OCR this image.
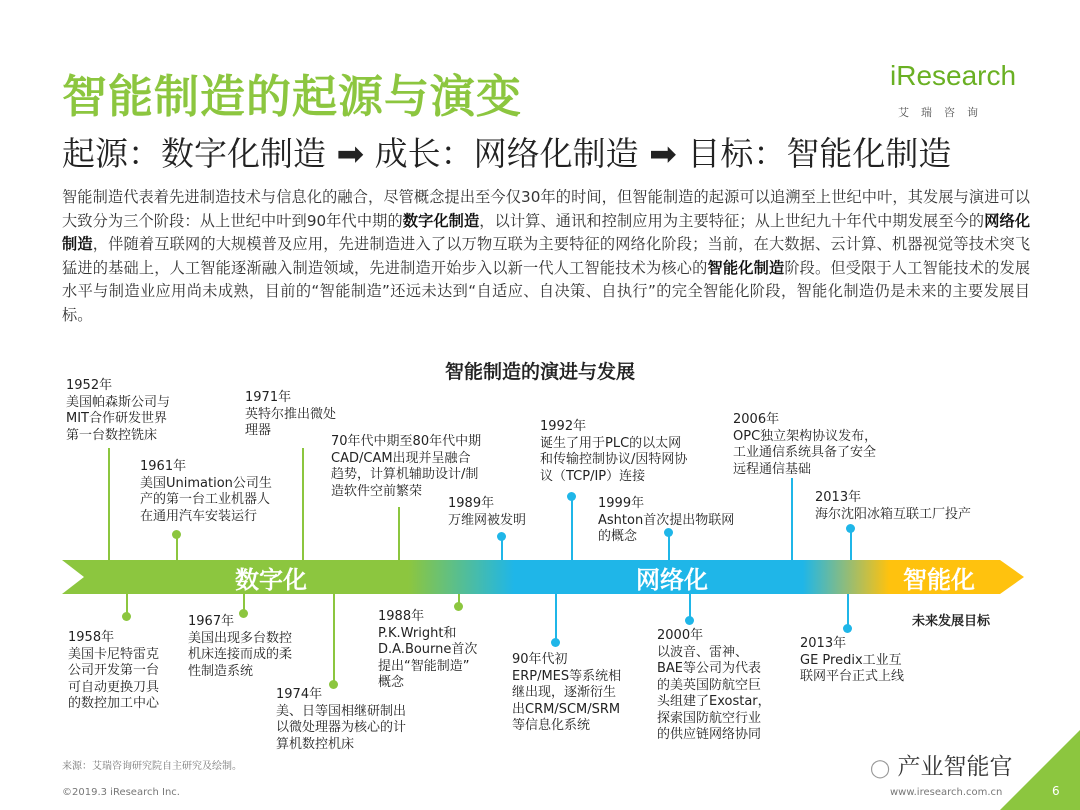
智能制造的起源与演变	iResearch
艾瑞咨询
起源：数字化制造 ➡ 成长：网络化制造 ➡ 目标：智能化制造
智能制造代表着先进制造技术与信息化的融合，尽管概念提出至今仅30年的时间，但智能制造的起源可以追溯至上世纪中叶，其发展与演进可以大致分为三个阶段：从上世纪中叶到90年代中期的数字化制造，以计算、通讯和控制应用为主要特征；从上世纪九十年代中期发展至今的网络化制造，伴随着互联网的大规模普及应用，先进制造进入了以万物互联为主要特征的网络化阶段；当前，在大数据、云计算、机器视觉等技术突飞猛进的基础上，人工智能逐渐融入制造领域，先进制造开始步入以新一代人工智能技术为核心的智能化制造阶段。但受限于人工智能技术的发展水平与制造业应用尚未成熟，目前的“智能制造”还远未达到“自适应、自决策、自执行”的完全智能化阶段，智能化制造仍是未来的主要发展目标。
智能制造的演进与发展
数字化	网络化	智能化
未来发展目标
1952年
美国帕森斯公司与
MIT合作研发世界
第一台数控铣床
1961年
美国Unimation公司生
产的第一台工业机器人
在通用汽车安装运行
1971年
英特尔推出微处
理器
70年代中期至80年代中期
CAD/CAM出现并呈融合
趋势，计算机辅助设计/制
造软件空前繁荣
1989年
万维网被发明
1992年
诞生了用于PLC的以太网
和传输控制协议/因特网协
议（TCP/IP）连接
1999年
Ashton首次提出物联网
的概念
2006年
OPC独立架构协议发布，
工业通信系统具备了安全
远程通信基础
2013年
海尔沈阳冰箱互联工厂投产
1958年
美国卡尼特雷克
公司开发第一台
可自动更换刀具
的数控加工中心
1967年
美国出现多台数控
机床连接而成的柔
性制造系统
1974年
美、日等国相继研制出
以微处理器为核心的计
算机数控机床
1988年
P.K.Wright和
D.A.Bourne首次
提出“智能制造”
概念
90年代初
ERP/MES等系统相
继出现，逐渐衍生
出CRM/SCM/SRM
等信息化系统
2000年
以波音、雷神、
BAE等公司为代表
的美英国防航空巨
头组建了Exostar，
探索国防航空行业
的供应链网络协同
2013年
GE Predix工业互
联网平台正式上线
来源：艾瑞咨询研究院自主研究及绘制。
©2019.3 iResearch Inc.	www.iresearch.com.cn	6
◯ 产业智能官
